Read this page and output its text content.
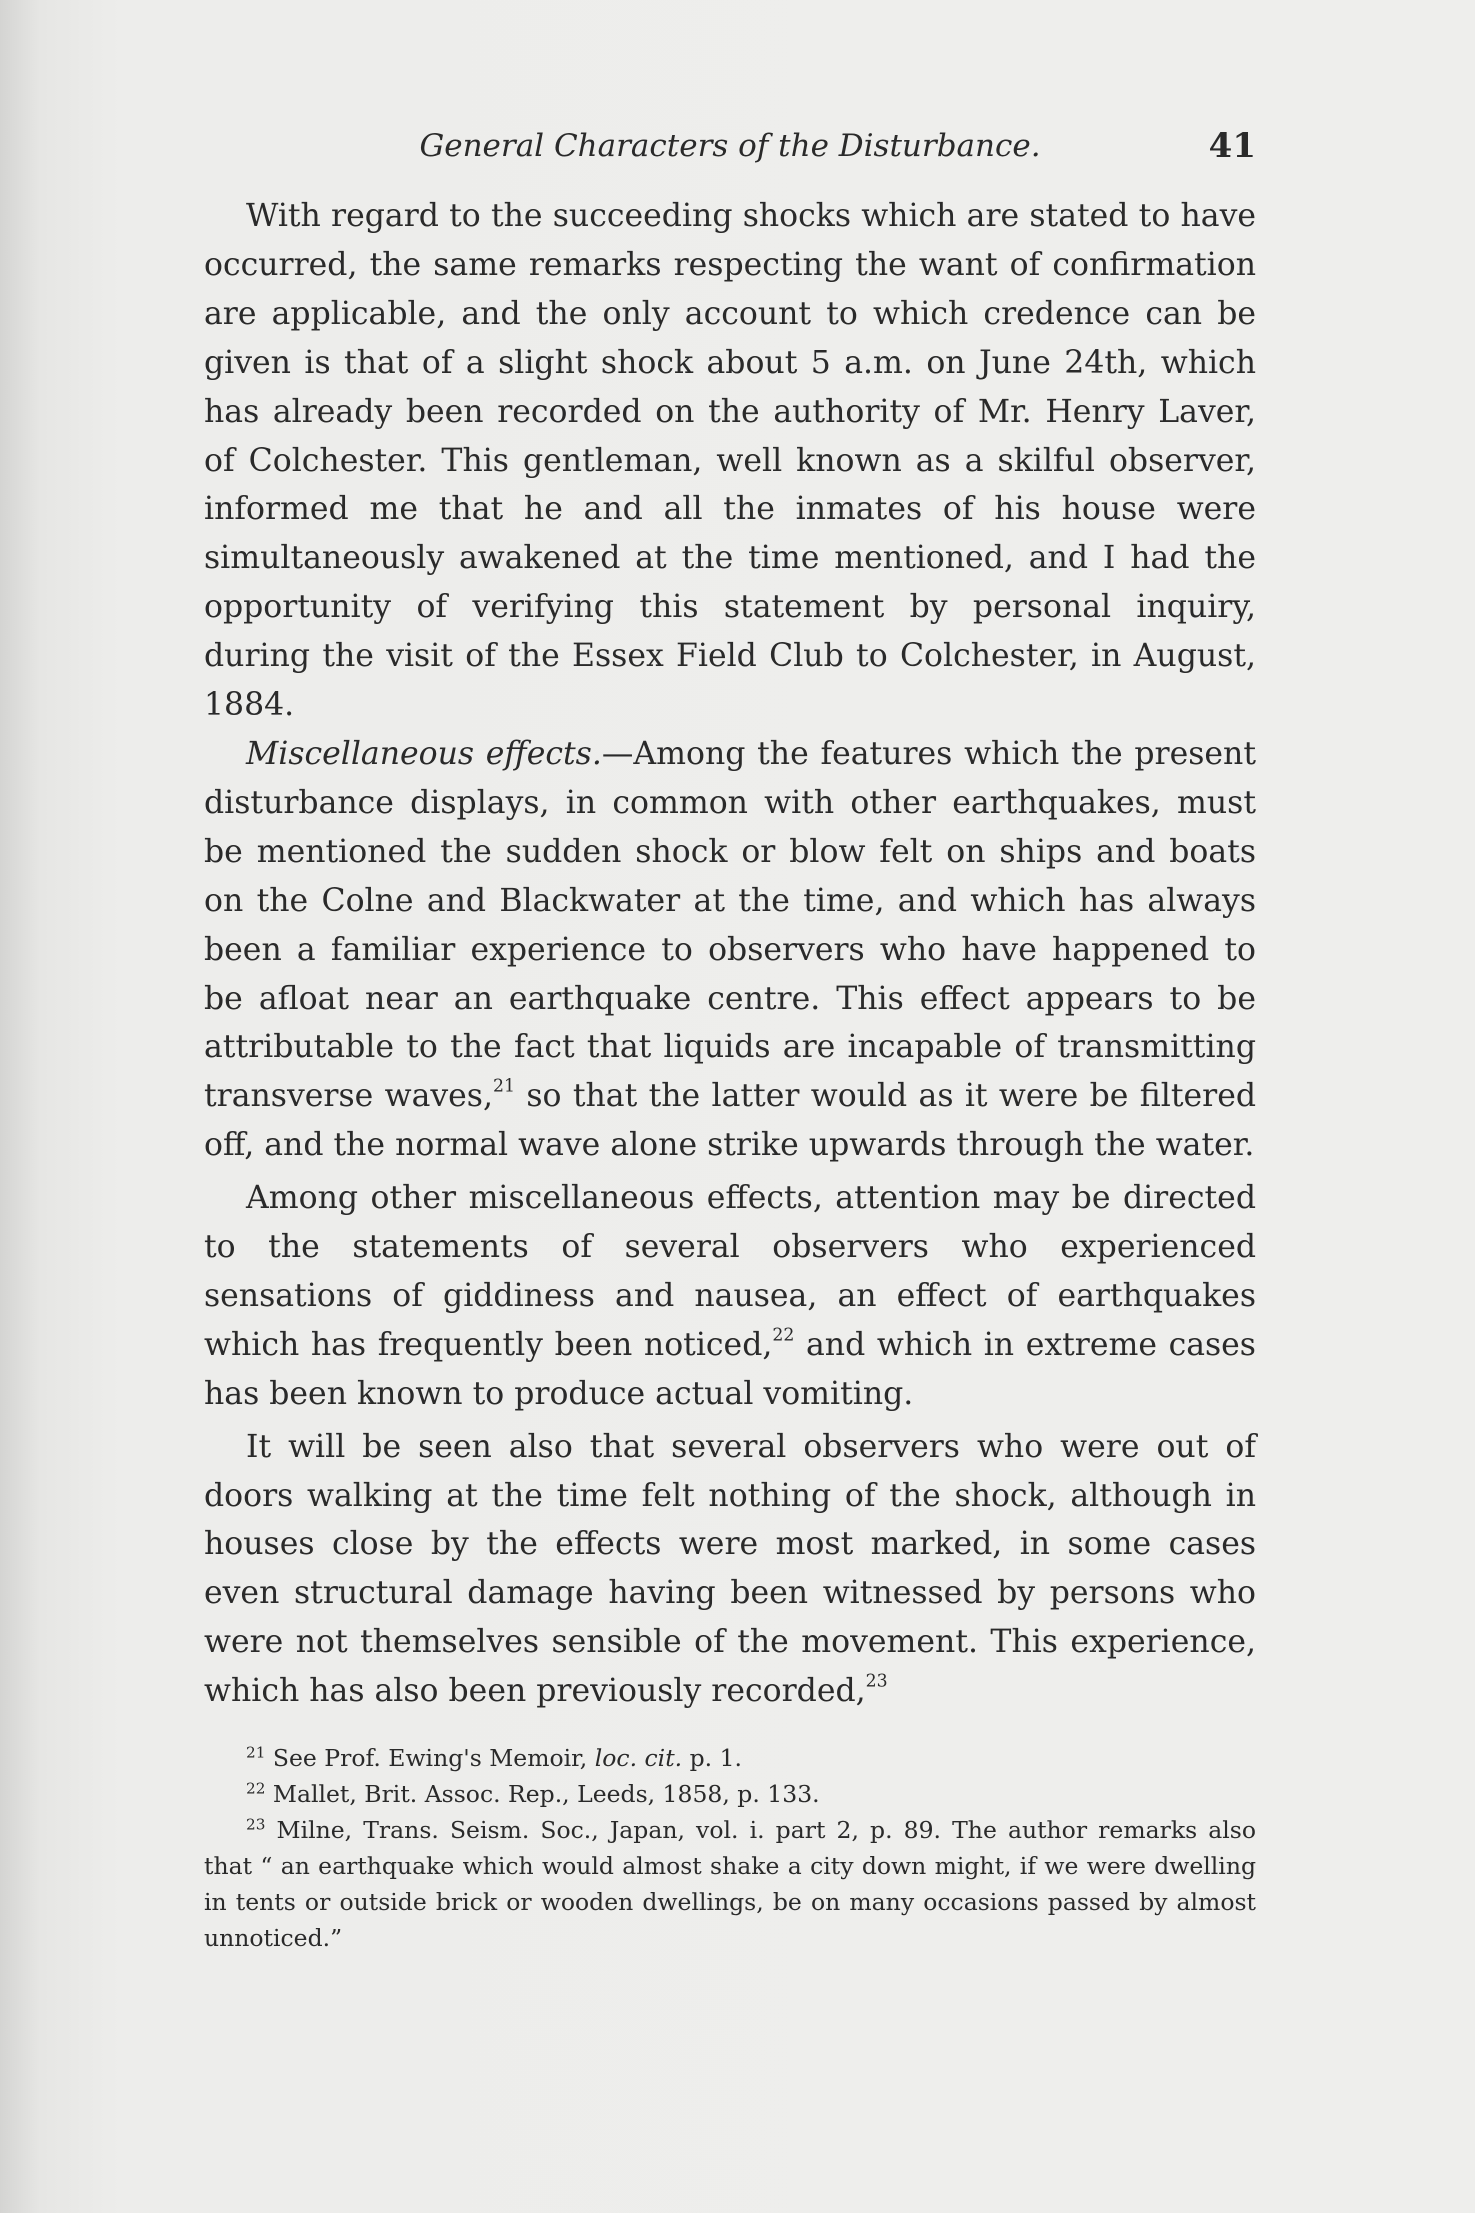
General Characters of the Disturbance.	41

With regard to the succeeding shocks which are stated to have occurred, the same remarks respecting the want of confirmation are applicable, and the only account to which credence can be given is that of a slight shock about 5 a.m. on June 24th, which has already been recorded on the authority of Mr. Henry Laver, of Colchester. This gentleman, well known as a skilful observer, informed me that he and all the inmates of his house were simultaneously awakened at the time mentioned, and I had the opportunity of verifying this statement by personal inquiry, during the visit of the Essex Field Club to Colchester, in August, 1884.

Miscellaneous effects.—Among the features which the present disturbance displays, in common with other earthquakes, must be mentioned the sudden shock or blow felt on ships and boats on the Colne and Blackwater at the time, and which has always been a familiar experience to observers who have happened to be afloat near an earthquake centre. This effect appears to be attributable to the fact that liquids are incapable of transmitting transverse waves,$^{21}$ so that the latter would as it were be filtered off, and the normal wave alone strike upwards through the water.

Among other miscellaneous effects, attention may be directed to the statements of several observers who experienced sensations of giddiness and nausea, an effect of earthquakes which has frequently been noticed,$^{22}$ and which in extreme cases has been known to produce actual vomiting.

It will be seen also that several observers who were out of doors walking at the time felt nothing of the shock, although in houses close by the effects were most marked, in some cases even structural damage having been witnessed by persons who were not themselves sensible of the movement. This experience, which has also been previously recorded,$^{23}$

$^{21}$ See Prof. Ewing's Memoir, loc. cit. p. 1.

$^{22}$ Mallet, Brit. Assoc. Rep., Leeds, 1858, p. 133.

$^{23}$ Milne, Trans. Seism. Soc., Japan, vol. i. part 2, p. 89. The author remarks also that “ an earthquake which would almost shake a city down might, if we were dwelling in tents or outside brick or wooden dwellings, be on many occasions passed by almost unnoticed.”
